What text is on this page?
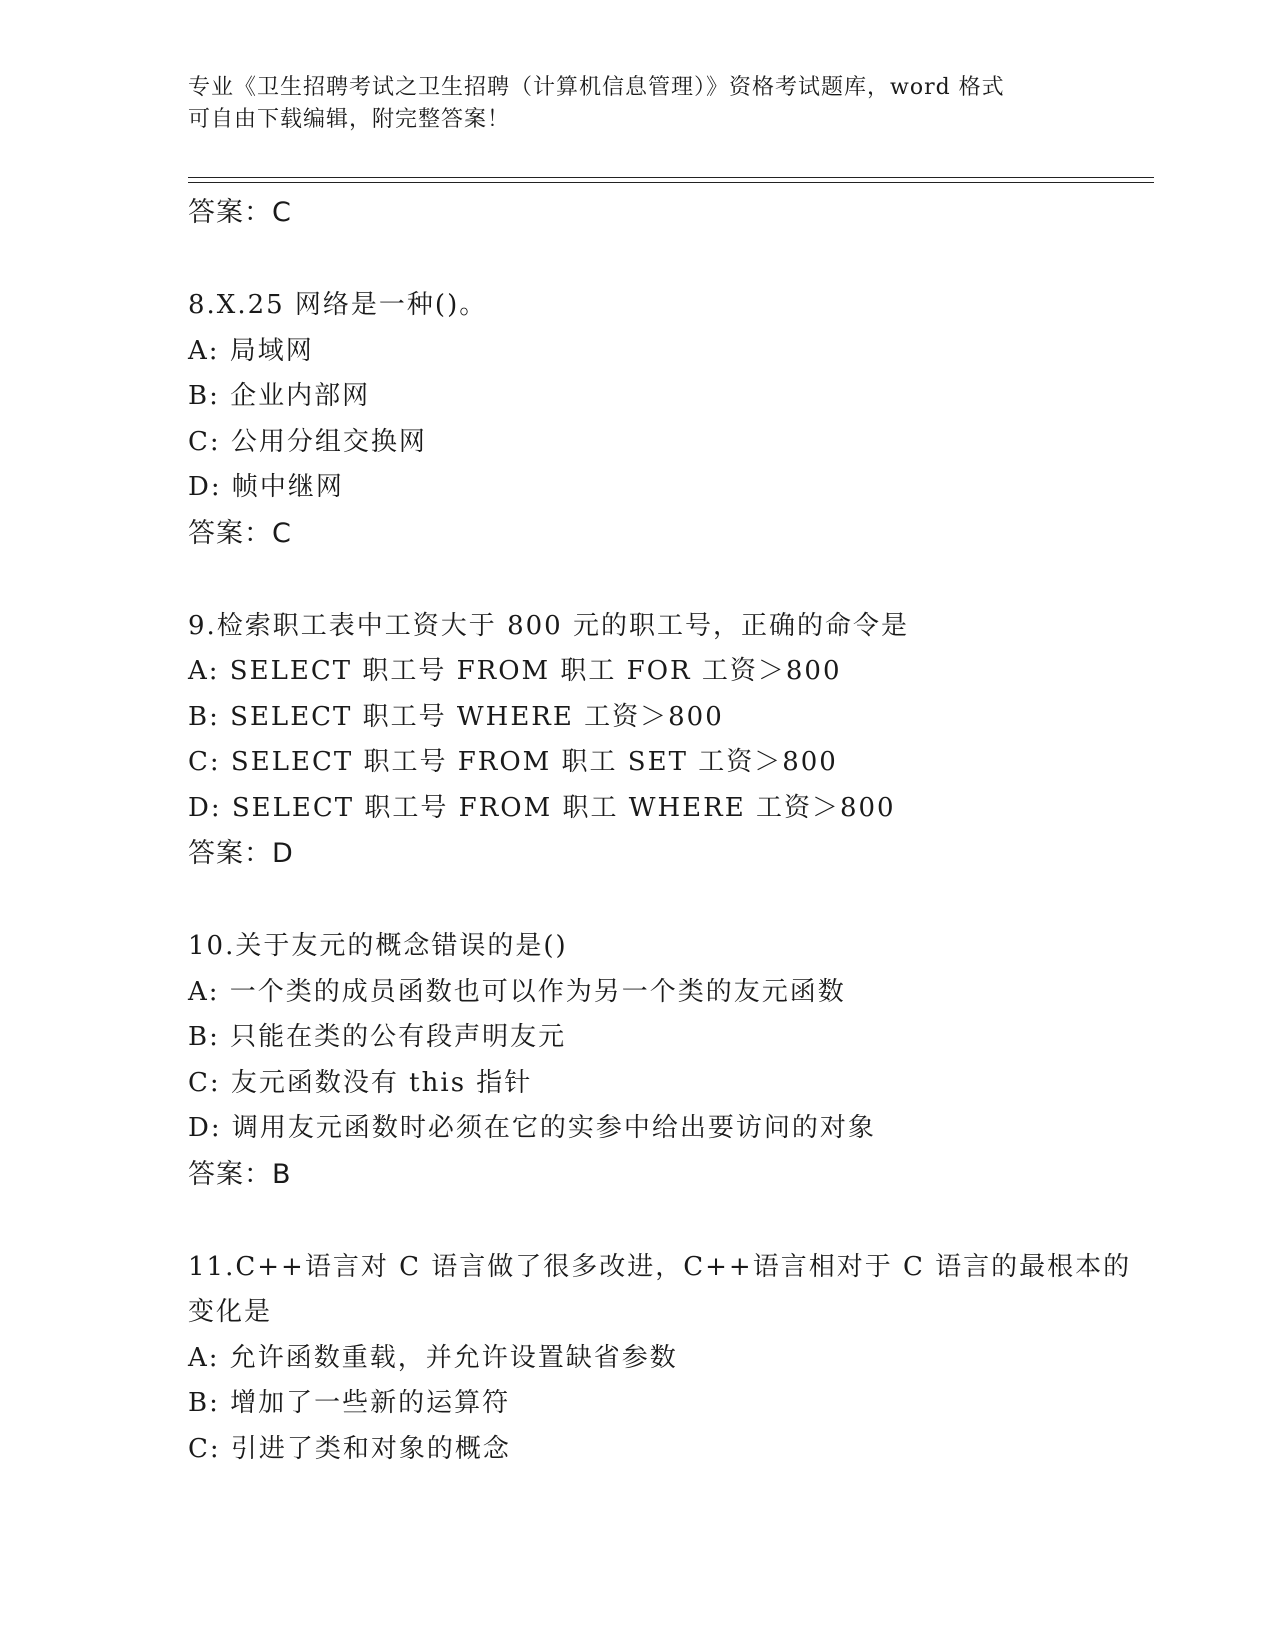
专业《卫生招聘考试之卫生招聘（计算机信息管理）》资格考试题库，word 格式
可自由下载编辑，附完整答案！
答案：C
8.X.25 网络是一种()。
A: 局域网
B: 企业内部网
C: 公用分组交换网
D: 帧中继网
答案：C
9.检索职工表中工资大于 800 元的职工号，正确的命令是
A: SELECT 职工号 FROM 职工 FOR 工资＞800
B: SELECT 职工号 WHERE 工资＞800
C: SELECT 职工号 FROM 职工 SET 工资＞800
D: SELECT 职工号 FROM 职工 WHERE 工资＞800
答案：D
10.关于友元的概念错误的是()
A: 一个类的成员函数也可以作为另一个类的友元函数
B: 只能在类的公有段声明友元
C: 友元函数没有 this 指针
D: 调用友元函数时必须在它的实参中给出要访问的对象
答案：B
11.C++语言对 C 语言做了很多改进，C++语言相对于 C 语言的最根本的
变化是
A: 允许函数重载，并允许设置缺省参数
B: 增加了一些新的运算符
C: 引进了类和对象的概念
